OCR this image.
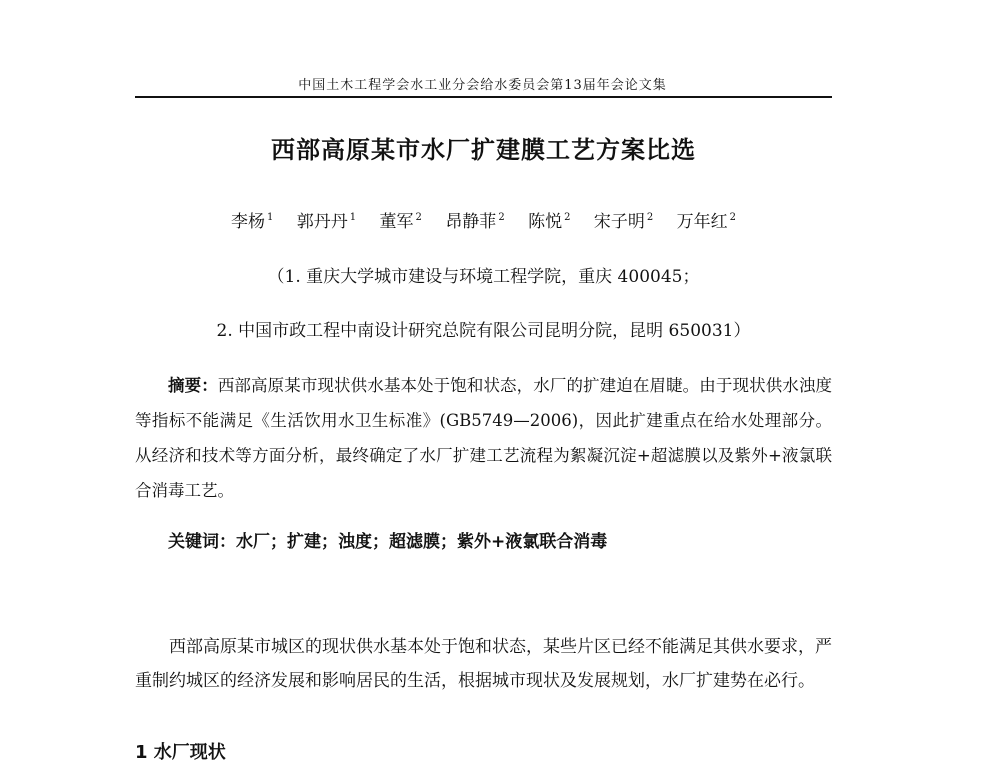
中国土木工程学会水工业分会给水委员会第13届年会论文集
西部高原某市水厂扩建膜工艺方案比选
李杨 $^1$ 郭丹丹 $^1$ 董军 $^2$ 昂静菲 $^2$ 陈悦 $^2$ 宋子明 $^2$ 万年红 $^2$
（1. 重庆大学城市建设与环境工程学院，重庆 400045；
2. 中国市政工程中南设计研究总院有限公司昆明分院，昆明 650031）
摘要：西部高原某市现状供水基本处于饱和状态，水厂的扩建迫在眉睫。由于现状供水浊度等指标不能满足《生活饮用水卫生标准》(GB5749—2006)，因此扩建重点在给水处理部分。从经济和技术等方面分析，最终确定了水厂扩建工艺流程为絮凝沉淀+超滤膜以及紫外+液氯联合消毒工艺。
关键词：水厂；扩建；浊度；超滤膜；紫外+液氯联合消毒
西部高原某市城区的现状供水基本处于饱和状态，某些片区已经不能满足其供水要求，严重制约城区的经济发展和影响居民的生活，根据城市现状及发展规划，水厂扩建势在必行。
1 水厂现状
